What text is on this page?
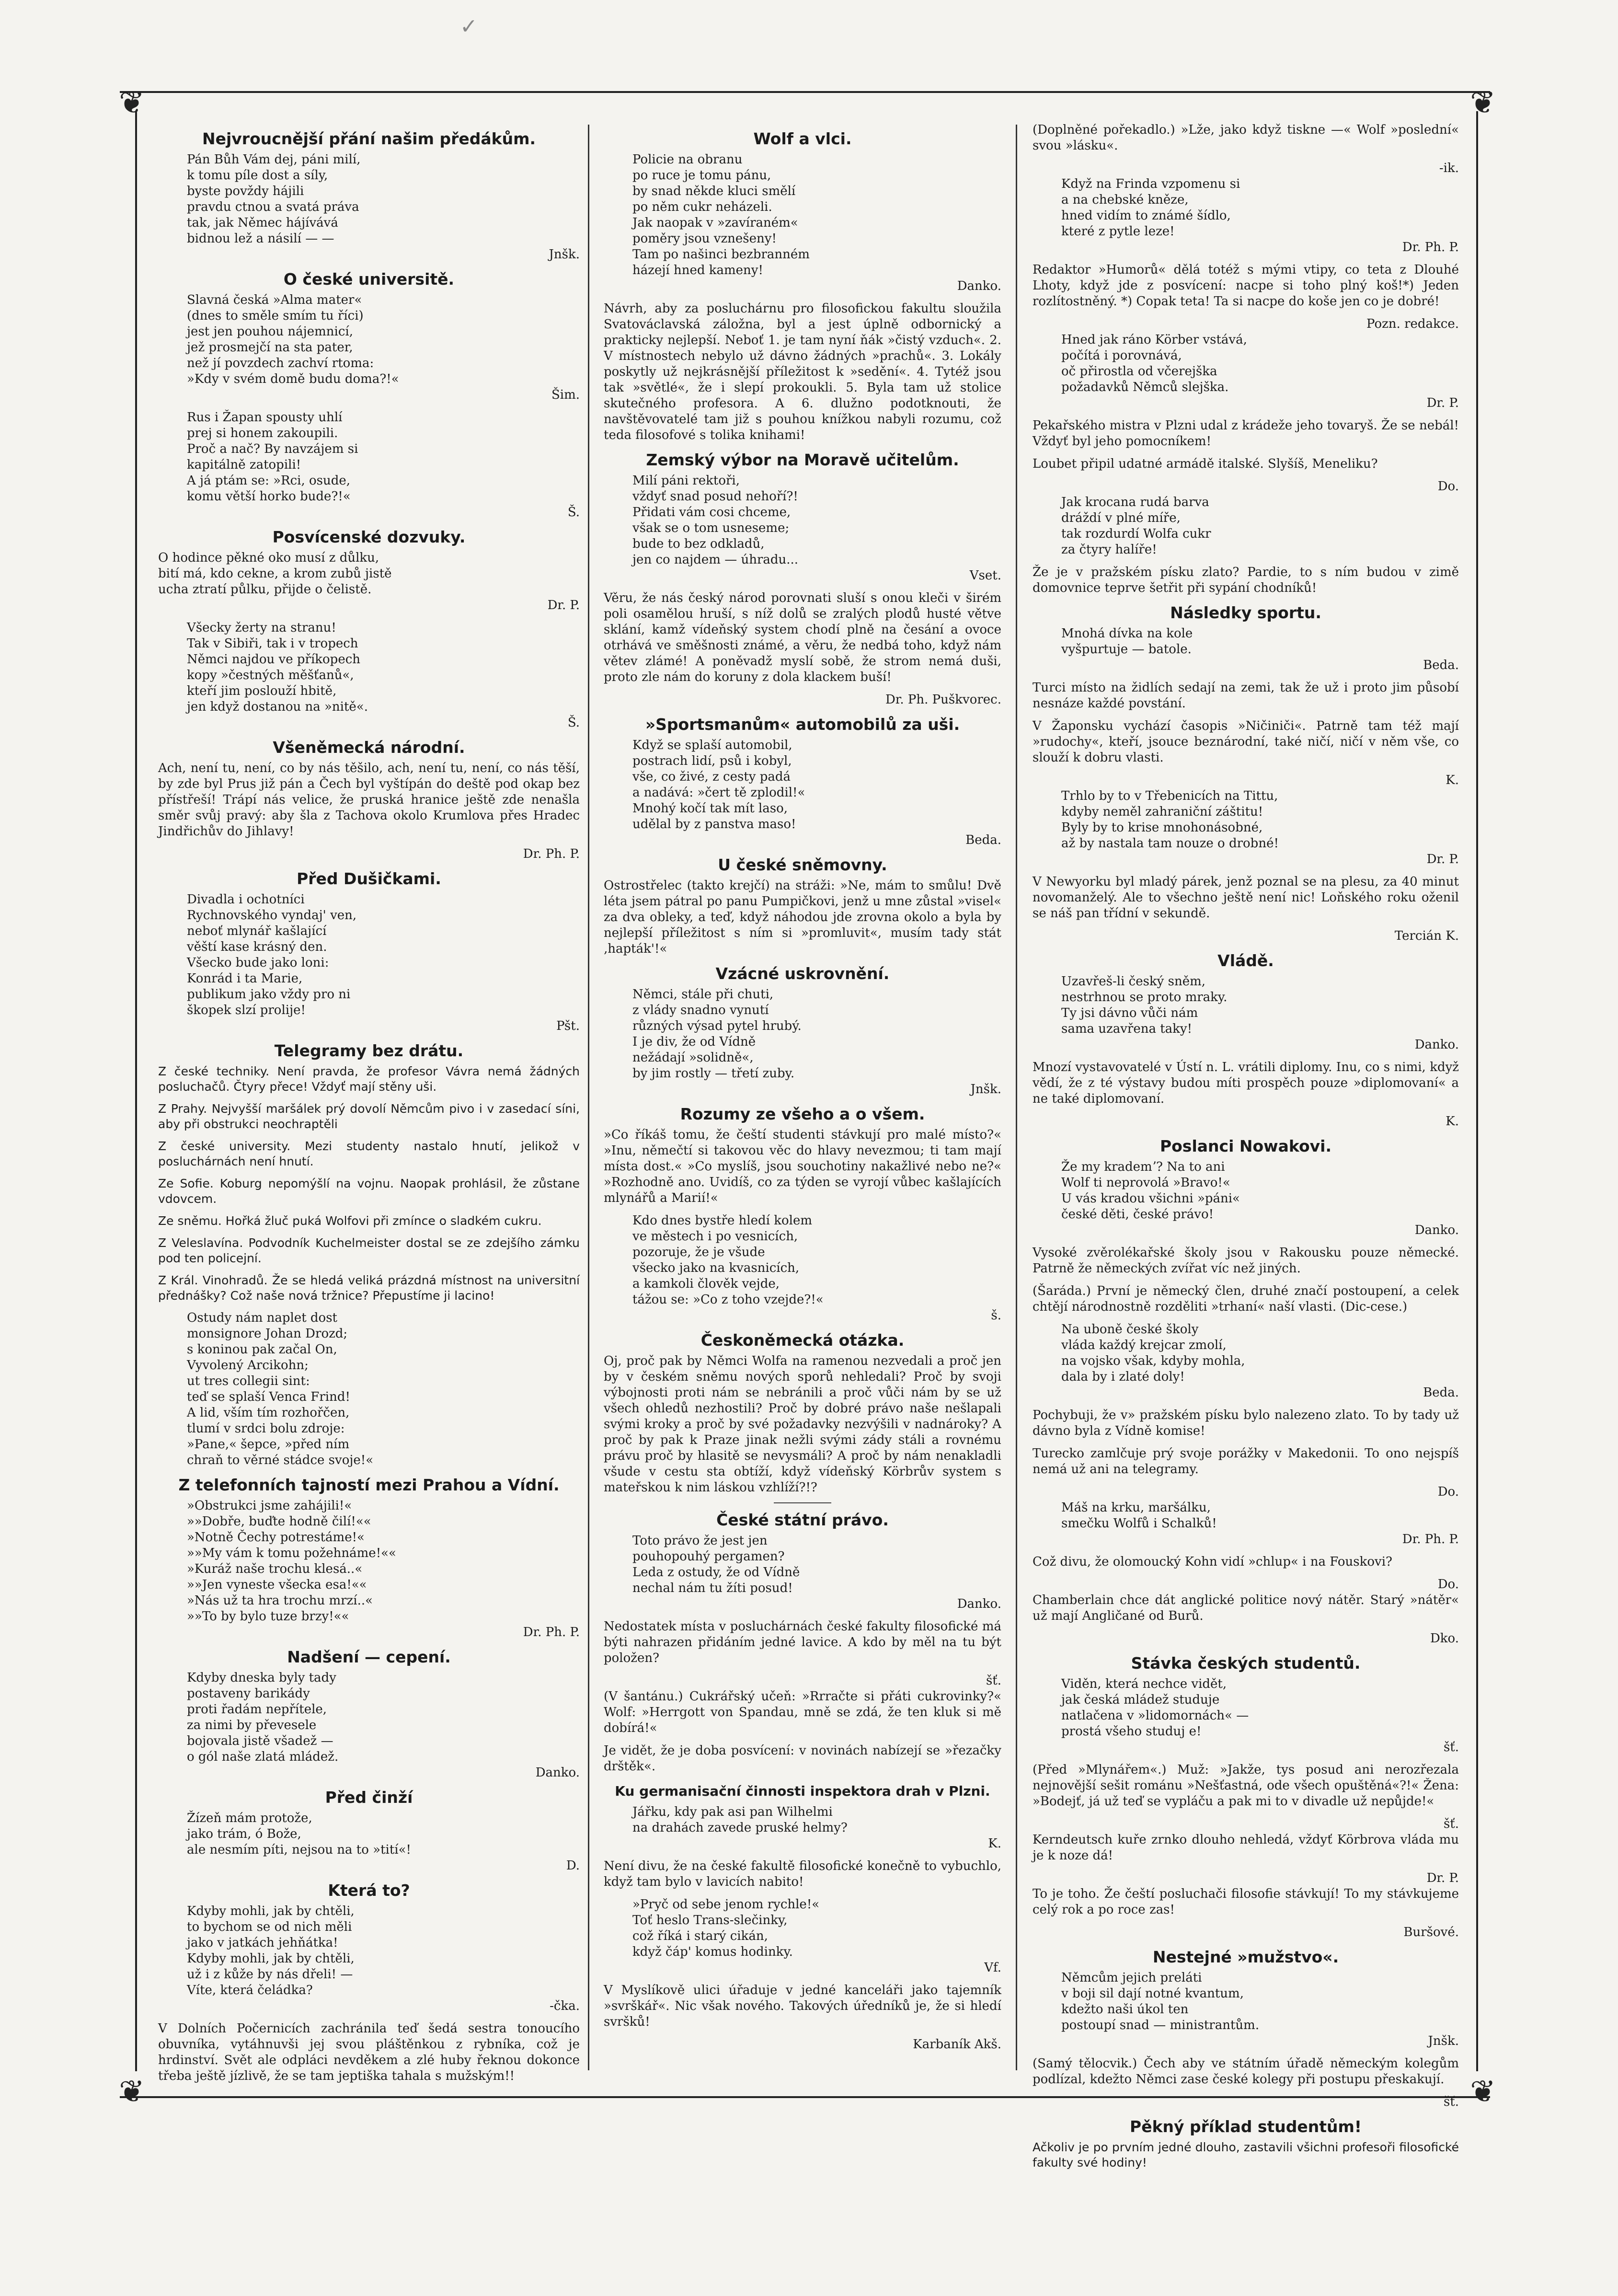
✓
❦	❦
❦	❦
Nejvroucnější přání našim předákům.
Pán Bůh Vám dej, páni milí,
k tomu píle dost a síly,
byste povždy hájili
pravdu ctnou a svatá práva
tak, jak Němec hájívává
bidnou lež a násilí — —
Jnšk.
O české universitě.
Slavná česká »Alma mater«
(dnes to směle smím tu říci)
jest jen pouhou nájemnicí,
jež prosmejčí na sta pater,
než jí povzdech zachví rtoma:
»Kdy v svém domě budu doma?!«
Šim.
Rus i Žapan spousty uhlí
prej si honem zakoupili.
Proč a nač? By navzájem si
kapitálně zatopili!
A já ptám se: »Rci, osude,
komu větší horko bude?!«
Š.
Posvícenské dozvuky.
O hodince pěkné oko musí z důlku,
bití má, kdo cekne, a krom zubů jistě
ucha ztratí půlku, přijde o čelistě.
Dr. P.
Všecky žerty na stranu!
Tak v Sibiři, tak i v tropech
Němci najdou ve příkopech
kopy »čestných měšťanů«,
kteří jim poslouží hbitě,
jen když dostanou na »nitě«.
Š.
Všeněmecká národní.

Ach, není tu, není, co by nás těšilo, ach, není tu, není, co nás těší, by zde byl Prus již pán a Čech byl vyštípán do deště pod okap bez přístřeší! Trápí nás velice, že pruská hranice ještě zde nenašla směr svůj pravý: aby šla z Tachova okolo Krumlova přes Hradec Jindřichův do Jihlavy!

Dr. Ph. P.
Před Dušičkami.
Divadla i ochotníci
Rychnovského vyndaj' ven,
neboť mlynář kašlající
věští kase krásný den.
Všecko bude jako loni:
Konrád i ta Marie,
publikum jako vždy pro ni
škopek slzí prolije!
Pšt.
Telegramy bez drátu.

Z české techniky. Není pravda, že profesor Vávra nemá žádných posluchačů. Čtyry přece! Vždyť mají stěny uši.

Z Prahy. Nejvyšší maršálek prý dovolí Němcům pivo i v zasedací síni, aby při obstrukci neochraptěli

Z české university. Mezi studenty nastalo hnutí, jelikož v posluchárnách není hnutí.

Ze Sofie. Koburg nepomýšlí na vojnu. Naopak prohlásil, že zůstane vdovcem.

Ze sněmu. Hořká žluč puká Wolfovi při zmínce o sladkém cukru.

Z Veleslavína. Podvodník Kuchelmeister dostal se ze zdejšího zámku pod ten policejní.

Z Král. Vinohradů. Že se hledá veliká prázdná místnost na universitní přednášky? Což naše nová tržnice? Přepustíme ji lacino!

Ostudy nám naplet dost
monsignore Johan Drozd;
s koninou pak začal On,
Vyvolený Arcikohn;
ut tres collegii sint:
teď se splaší Venca Frind!
A lid, vším tím rozhořčen,
tlumí v srdci bolu zdroje:
»Pane,« šepce, »před ním
chraň to věrné stádce svoje!«
Z telefonních tajností mezi Prahou a Vídní.
»Obstrukci jsme zahájili!«
»»Dobře, buďte hodně čilí!««
»Notně Čechy potrestáme!«
»»My vám k tomu požehnáme!««
»Kuráž naše trochu klesá..«
»»Jen vyneste všecka esa!««
»Nás už ta hra trochu mrzí..«
»»To by bylo tuze brzy!««
Dr. Ph. P.
Nadšení — cepení.
Kdyby dneska byly tady
postaveny barikády
proti řadám nepřítele,
za nimi by převesele
bojovala jistě všadež —
o gól naše zlatá mládež.
Danko.
Před činží
Žízeň mám protože,
jako trám, ó Bože,
ale nesmím píti, nejsou na to »tití«!
D.
Která to?
Kdyby mohli, jak by chtěli,
to bychom se od nich měli
jako v jatkách jehňátka!
Kdyby mohli, jak by chtěli,
už i z kůže by nás dřeli! —
Víte, která čeládka?
-čka.

V Dolních Počernicích zachránila teď šedá sestra tonoucího obuvníka, vytáhnuvši jej svou pláštěnkou z rybníka, což je hrdinství. Svět ale odpláci nevděkem a zlé huby řeknou dokonce třeba ještě jízlivě, že se tam jeptiška tahala s mužským!!

Wolf a vlci.
Policie na obranu
po ruce je tomu pánu,
by snad někde kluci smělí
po něm cukr neházeli.
Jak naopak v »zavíraném«
poměry jsou vznešeny!
Tam po našinci bezbranném
házejí hned kameny!
Danko.

Návrh, aby za posluchárnu pro filosofickou fakultu sloužila Svatováclavská záložna, byl a jest úplně odbornický a prakticky nejlepší. Neboť 1. je tam nyní ňák »čistý vzduch«. 2. V místnostech nebylo už dávno žádných »prachů«. 3. Lokály poskytly už nejkrásnější příležitost k »sedění«. 4. Tytéž jsou tak »světlé«, že i slepí prokoukli. 5. Byla tam už stolice skutečného profesora. A 6. dlužno podotknouti, že navštěvovatelé tam již s pouhou knížkou nabyli rozumu, což teda filosofové s tolika knihami!

Zemský výbor na Moravě učitelům.
Milí páni rektoři,
vždyť snad posud nehoří?!
Přidati vám cosi chceme,
však se o tom usneseme;
bude to bez odkladů,
jen co najdem — úhradu...
Vset.

Věru, že nás český národ porovnati sluší s onou kleči v širém poli osamělou hruší, s níž dolů se zralých plodů husté větve sklání, kamž vídeňský system chodí plně na česání a ovoce otrhává ve směšnosti známé, a věru, že nedbá toho, když nám větev zlámé! A poněvadž myslí sobě, že strom nemá duši, proto zle nám do koruny z dola klackem buší!

Dr. Ph. Puškvorec.
»Sportsmanům« automobilů za uši.
Když se splaší automobil,
postrach lidí, psů i kobyl,
vše, co živé, z cesty padá
a nadává: »čert tě zplodil!«
Mnohý kočí tak mít laso,
udělal by z panstva maso!
Beda.
U české sněmovny.

Ostrostřelec (takto krejčí) na stráži: »Ne, mám to smůlu! Dvě léta jsem pátral po panu Pumpičkovi, jenž u mne zůstal »visel« za dva obleky, a teď, když náhodou jde zrovna okolo a byla by nejlepší příležitost s ním si »promluvit«, musím tady stát ‚hapták'!«

Vzácné uskrovnění.
Němci, stále při chuti,
z vlády snadno vynutí
různých výsad pytel hrubý.
I je div, že od Vídně
nežádají »solidně«,
by jim rostly — třetí zuby.
Jnšk.
Rozumy ze všeho a o všem.

»Co říkáš tomu, že čeští studenti stávkují pro malé místo?« »Inu, němečtí si takovou věc do hlavy nevezmou; ti tam mají místa dost.« »Co myslíš, jsou souchotiny nakažlivé nebo ne?« »Rozhodně ano. Uvidíš, co za týden se vyrojí vůbec kašlajících mlynářů a Marií!«

Kdo dnes bystře hledí kolem
ve městech i po vesnicích,
pozoruje, že je všude
všecko jako na kvasnicích,
a kamkoli člověk vejde,
tážou se: »Co z toho vzejde?!«
š.
Českoněmecká otázka.

Oj, proč pak by Němci Wolfa na ramenou nezvedali a proč jen by v českém sněmu nových sporů nehledali? Proč by svoji výbojnosti proti nám se nebránili a proč vůči nám by se už všech ohledů nezhostili? Proč by dobré právo naše nešlapali svými kroky a proč by své požadavky nezvýšili v nadnároky? A proč by pak k Praze jinak nežli svými zády stáli a rovnému právu proč by hlasitě se nevysmáli? A proč by nám nenakladli všude v cestu sta obtíží, když vídeňský Körbrův system s mateřskou k nim láskou vzhlíží?!?

České státní právo.
Toto právo že jest jen
pouhopouhý pergamen?
Leda z ostudy, že od Vídně
nechal nám tu žíti posud!
Danko.

Nedostatek místa v posluchárnách české fakulty filosofické má býti nahrazen přidáním jedné lavice. A kdo by měl na tu být položen?

šť.

(V šantánu.) Cukrářský učeň: »Rrračte si přáti cukrovinky?« Wolf: »Herrgott von Spandau, mně se zdá, že ten kluk si mě dobírá!«

Je vidět, že je doba posvícení: v novinách nabízejí se »řezačky drštěk«.

Ku germanisační činnosti inspektora drah v Plzni.
Jářku, kdy pak asi pan Wilhelmi
na drahách zavede pruské helmy?
K.

Není divu, že na české fakultě filosofické konečně to vybuchlo, když tam bylo v lavicích nabito!

»Pryč od sebe jenom rychle!«
Toť heslo Trans-slečinky,
což říká i starý cikán,
když čáp' komus hodinky.
Vf.

V Myslíkově ulici úřaduje v jedné kanceláři jako tajemník »svrškář«. Nic však nového. Takových úředníků je, že si hledí svršků!

Karbaník Akš.

(Doplněné pořekadlo.) »Lže, jako když tiskne —« Wolf »poslední« svou »lásku«.

-ik.
Když na Frinda vzpomenu si
a na chebské kněze,
hned vidím to známé šídlo,
které z pytle leze!
Dr. Ph. P.

Redaktor »Humorů« dělá totéž s mými vtipy, co teta z Dlouhé Lhoty, když jde z posvícení: nacpe si toho plný koš!*) Jeden rozlítostněný. *) Copak teta! Ta si nacpe do koše jen co je dobré!

Pozn. redakce.
Hned jak ráno Körber vstává,
počítá i porovnává,
oč přirostla od včerejška
požadavků Němců slejška.
Dr. P.

Pekařského mistra v Plzni udal z krádeže jeho tovaryš. Že se nebál! Vždyť byl jeho pomocníkem!

Loubet připil udatné armádě italské. Slyšíš, Meneliku?

Do.
Jak krocana rudá barva
dráždí v plné míře,
tak rozdurdí Wolfa cukr
za čtyry halíře!

Že je v pražském písku zlato? Pardie, to s ním budou v zimě domovnice teprve šetřit při sypání chodníků!

Následky sportu.
Mnohá dívka na kole
vyšpurtuje — batole.
Beda.

Turci místo na židlích sedají na zemi, tak že už i proto jim působí nesnáze každé povstání.

V Žaponsku vychází časopis »Ničiniči«. Patrně tam též mají »rudochy«, kteří, jsouce beznárodní, také ničí, ničí v něm vše, co slouží k dobru vlasti.

K.
Trhlo by to v Třebenicích na Tittu,
kdyby neměl zahraniční záštitu!
Byly by to krise mnohonásobné,
až by nastala tam nouze o drobné!
Dr. P.

V Newyorku byl mladý párek, jenž poznal se na plesu, za 40 minut novomanželý. Ale to všechno ještě není nic! Loňského roku oženil se náš pan třídní v sekundě.

Tercián K.
Vládě.
Uzavřeš-li český sněm,
nestrhnou se proto mraky.
Ty jsi dávno vůči nám
sama uzavřena taky!
Danko.

Mnozí vystavovatelé v Ústí n. L. vrátili diplomy. Inu, co s nimi, když vědí, že z té výstavy budou míti prospěch pouze »diplomovaní« a ne také diplomovaní.

K.
Poslanci Nowakovi.
Že my krademʼ? Na to ani
Wolf ti neprovolá »Bravo!«
U vás kradou všichni »páni«
české děti, české právo!
Danko.

Vysoké zvěrolékařské školy jsou v Rakousku pouze německé. Patrně že německých zvířat víc než jiných.

(Šaráda.) První je německý člen, druhé značí postoupení, a celek chtějí národnostně rozděliti »trhaní« naší vlasti. (Dic-cese.)

Na uboně české školy
vláda každý krejcar zmolí,
na vojsko však, kdyby mohla,
dala by i zlaté doly!
Beda.

Pochybuji, že v» pražském písku bylo nalezeno zlato. To by tady už dávno byla z Vídně komise!

Turecko zamlčuje prý svoje porážky v Makedonii. To ono nejspíš nemá už ani na telegramy.

Do.
Máš na krku, maršálku,
smečku Wolfů i Schalků!
Dr. Ph. P.

Což divu, že olomoucký Kohn vidí »chlup« i na Fouskovi?

Do.

Chamberlain chce dát anglické politice nový nátěr. Starý »nátěr« už mají Angličané od Burů.

Dko.
Stávka českých studentů.
Viděn, která nechce vidět,
jak česká mládež studuje
natlačena v »lidomornách« —
prostá všeho studuj e!
šť.

(Před »Mlynářem«.) Muž: »Jakže, tys posud ani nerozřezala nejnovější sešit románu »Nešťastná, ode všech opuštěná«?!« Žena: »Bodejť, já už teď se vypláču a pak mi to v divadle už nepůjde!«

šť.

Kerndeutsch kuře zrnko dlouho nehledá, vždyť Körbrova vláda mu je k noze dá!

Dr. P.

To je toho. Že čeští posluchači filosofie stávkují! To my stávkujeme celý rok a po roce zas!

Buršové.
Nestejné »mužstvo«.
Němcům jejich preláti
v boji sil dají notné kvantum,
kdežto naši úkol ten
postoupí snad — ministrantům.
Jnšk.

(Samý tělocvik.) Čech aby ve státním úřadě německým kolegům podlízal, kdežto Němci zase české kolegy při postupu přeskakují.

šť.
Pěkný příklad studentům!

Ačkoliv je po prvním jedné dlouho, zastavili všichni profesoři filosofické fakulty své hodiny!
